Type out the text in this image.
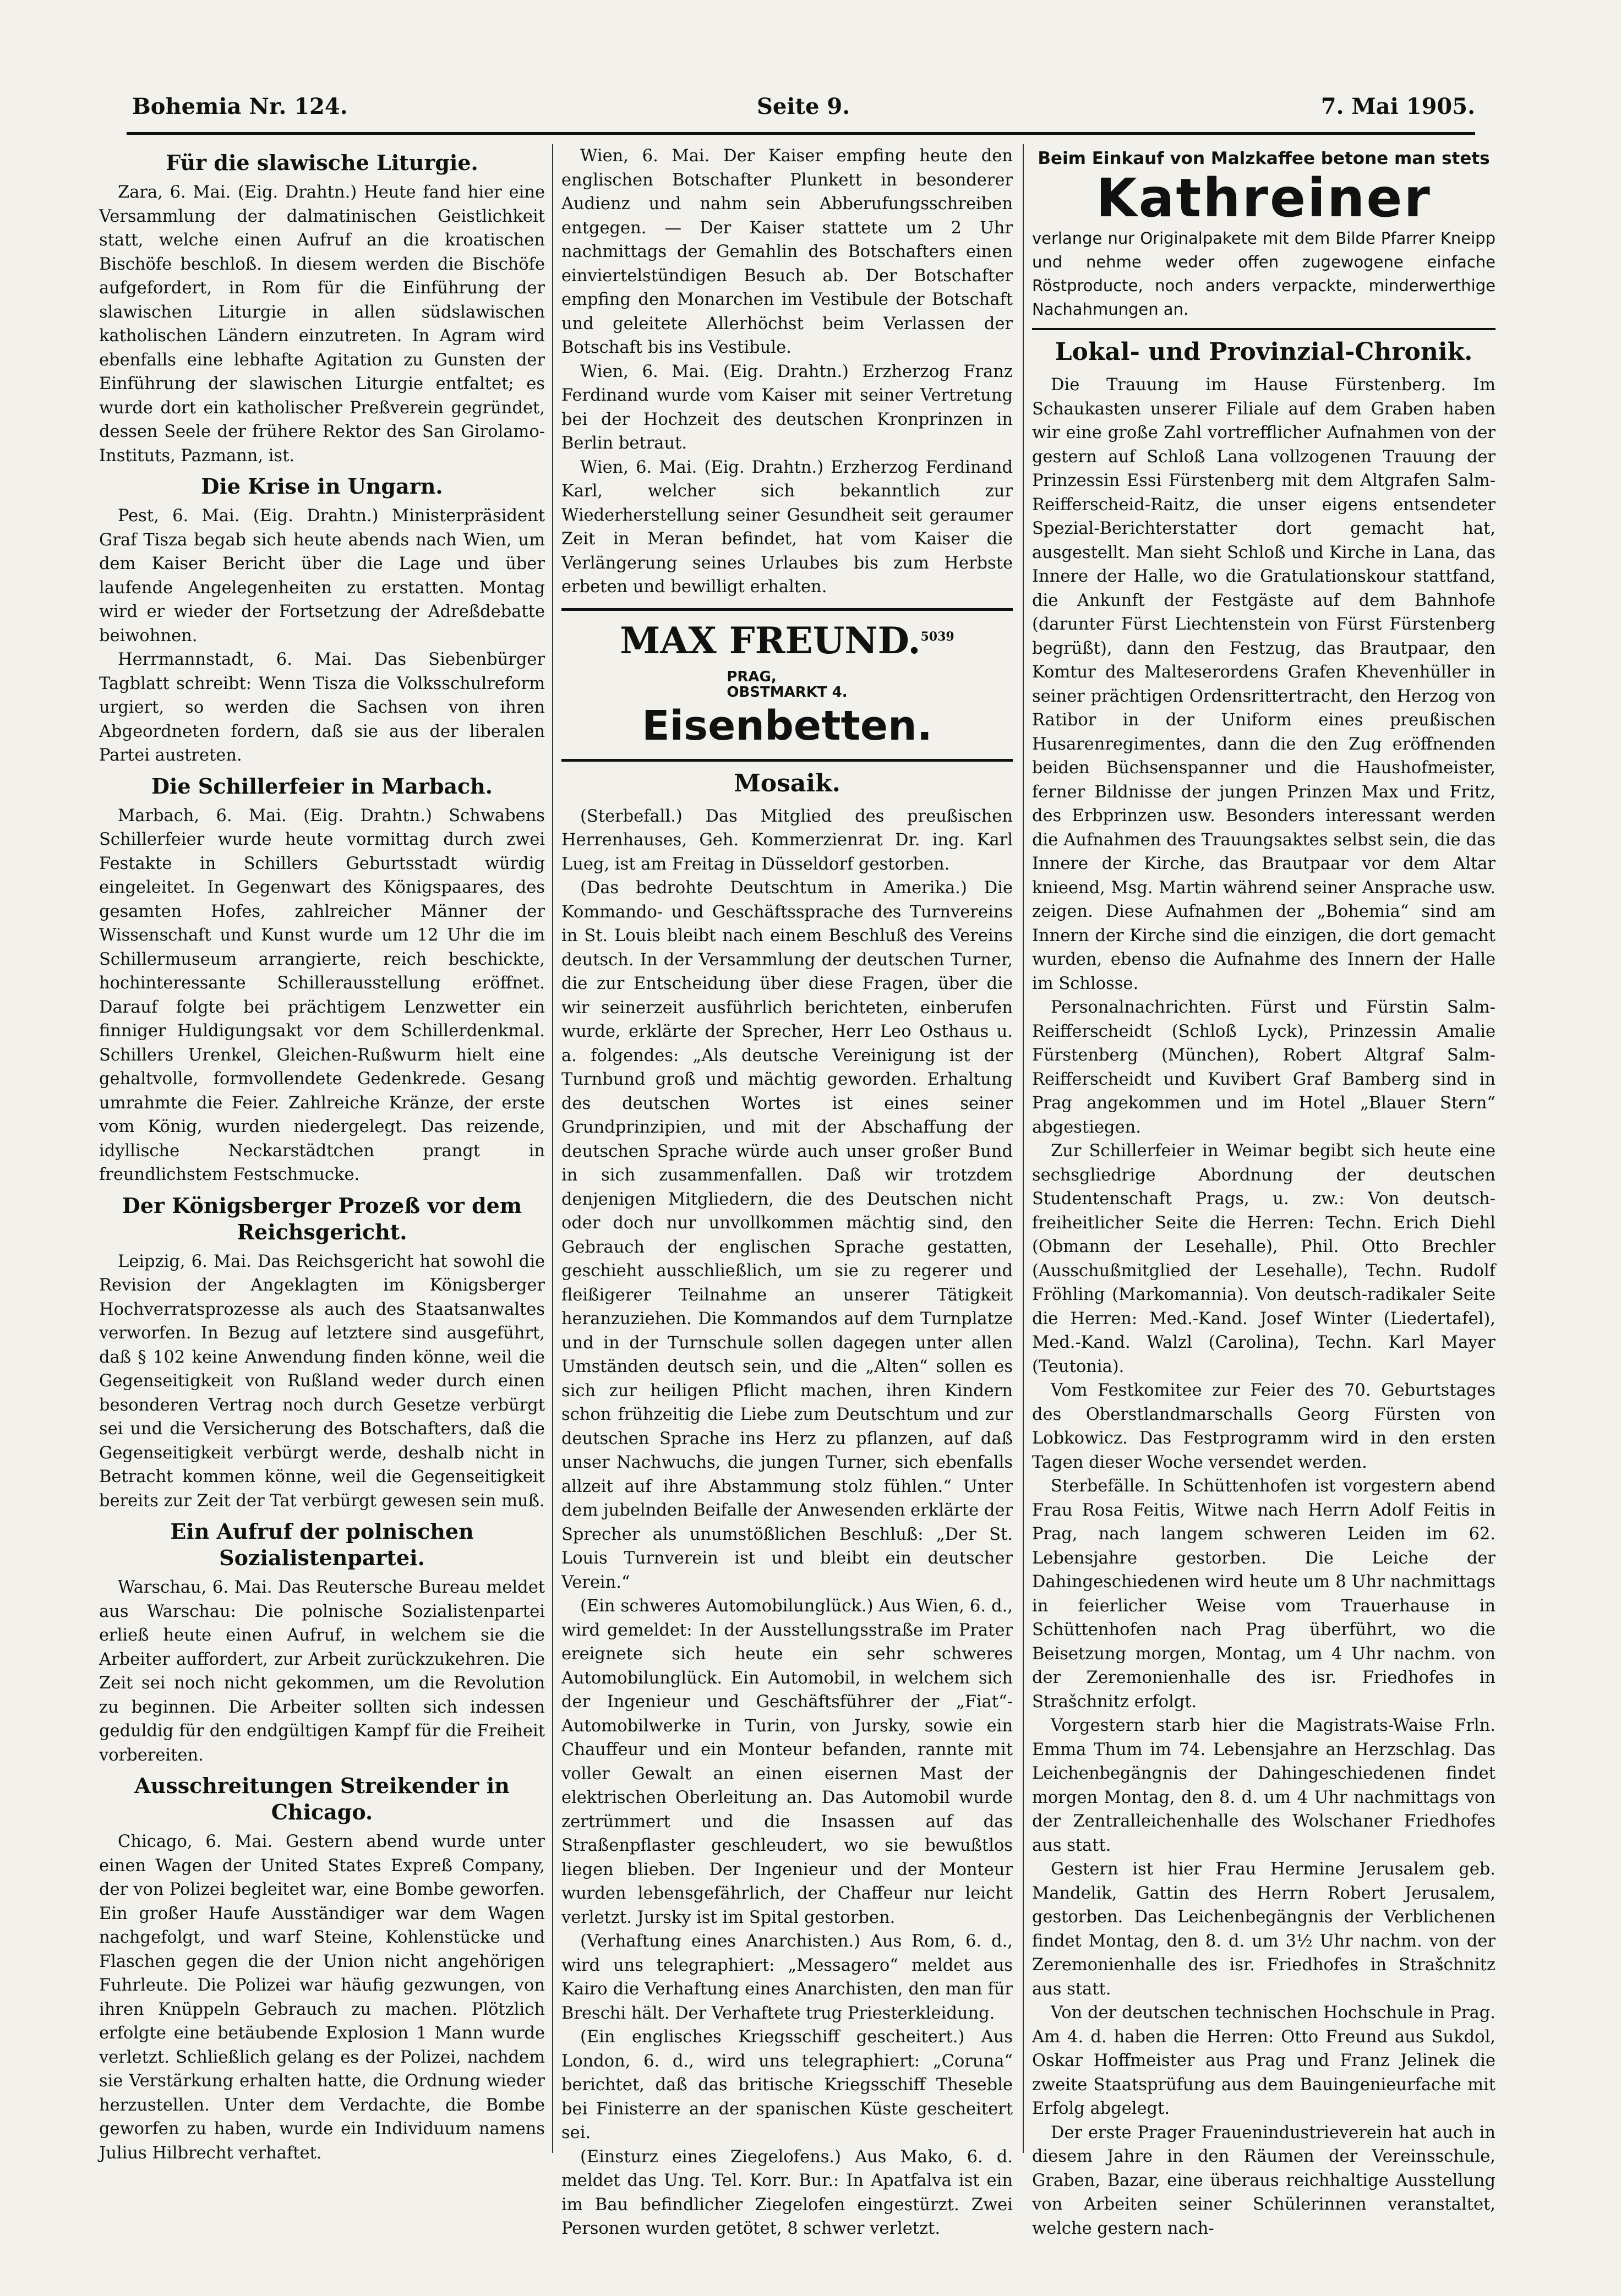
Bohemia Nr. 124.	Seite 9.	7. Mai 1905.
Für die slawische Liturgie.

Zara, 6. Mai. (Eig. Drahtn.) Heute fand hier eine Versammlung der dalmatinischen Geistlichkeit statt, welche einen Aufruf an die kroatischen Bischöfe beschloß. In diesem werden die Bischöfe aufgefordert, in Rom für die Einführung der slawischen Liturgie in allen südslawischen katholischen Ländern einzutreten. In Agram wird ebenfalls eine lebhafte Agitation zu Gunsten der Einführung der slawischen Liturgie entfaltet; es wurde dort ein katholischer Preßverein gegründet, dessen Seele der frühere Rektor des San Girolamo-Instituts, Pazmann, ist.

Die Krise in Ungarn.

Pest, 6. Mai. (Eig. Drahtn.) Ministerpräsident Graf Tisza begab sich heute abends nach Wien, um dem Kaiser Bericht über die Lage und über laufende Angelegenheiten zu erstatten. Montag wird er wieder der Fortsetzung der Adreßdebatte beiwohnen.

Herrmannstadt, 6. Mai. Das Siebenbürger Tagblatt schreibt: Wenn Tisza die Volksschulreform urgiert, so werden die Sachsen von ihren Abgeordneten fordern, daß sie aus der liberalen Partei austreten.

Die Schillerfeier in Marbach.

Marbach, 6. Mai. (Eig. Drahtn.) Schwabens Schillerfeier wurde heute vormittag durch zwei Festakte in Schillers Geburtsstadt würdig eingeleitet. In Gegenwart des Königspaares, des gesamten Hofes, zahlreicher Männer der Wissenschaft und Kunst wurde um 12 Uhr die im Schillermuseum arrangierte, reich beschickte, hochinteressante Schillerausstellung eröffnet. Darauf folgte bei prächtigem Lenzwetter ein finniger Huldigungsakt vor dem Schillerdenkmal. Schillers Urenkel, Gleichen-Rußwurm hielt eine gehaltvolle, formvollendete Gedenkrede. Gesang umrahmte die Feier. Zahlreiche Kränze, der erste vom König, wurden niedergelegt. Das reizende, idyllische Neckarstädtchen prangt in freundlichstem Festschmucke.

Der Königsberger Prozeß vor dem Reichsgericht.

Leipzig, 6. Mai. Das Reichsgericht hat sowohl die Revision der Angeklagten im Königsberger Hochverratsprozesse als auch des Staatsanwaltes verworfen. In Bezug auf letztere sind ausgeführt, daß § 102 keine Anwendung finden könne, weil die Gegenseitigkeit von Rußland weder durch einen besonderen Vertrag noch durch Gesetze verbürgt sei und die Versicherung des Botschafters, daß die Gegenseitigkeit verbürgt werde, deshalb nicht in Betracht kommen könne, weil die Gegenseitigkeit bereits zur Zeit der Tat verbürgt gewesen sein muß.

Ein Aufruf der polnischen Sozialistenpartei.

Warschau, 6. Mai. Das Reutersche Bureau meldet aus Warschau: Die polnische Sozialistenpartei erließ heute einen Aufruf, in welchem sie die Arbeiter auffordert, zur Arbeit zurückzukehren. Die Zeit sei noch nicht gekommen, um die Revolution zu beginnen. Die Arbeiter sollten sich indessen geduldig für den endgültigen Kampf für die Freiheit vorbereiten.

Ausschreitungen Streikender in Chicago.

Chicago, 6. Mai. Gestern abend wurde unter einen Wagen der United States Expreß Company, der von Polizei begleitet war, eine Bombe geworfen. Ein großer Haufe Ausständiger war dem Wagen nachgefolgt, und warf Steine, Kohlenstücke und Flaschen gegen die der Union nicht angehörigen Fuhrleute. Die Polizei war häufig gezwungen, von ihren Knüppeln Gebrauch zu machen. Plötzlich erfolgte eine betäubende Explosion 1 Mann wurde verletzt. Schließlich gelang es der Polizei, nachdem sie Verstärkung erhalten hatte, die Ordnung wieder herzustellen. Unter dem Verdachte, die Bombe geworfen zu haben, wurde ein Individuum namens Julius Hilbrecht verhaftet.

Wien, 6. Mai. Der Kaiser empfing heute den englischen Botschafter Plunkett in besonderer Audienz und nahm sein Abberufungsschreiben entgegen. — Der Kaiser stattete um 2 Uhr nachmittags der Gemahlin des Botschafters einen einviertelstündigen Besuch ab. Der Botschafter empfing den Monarchen im Vestibule der Botschaft und geleitete Allerhöchst beim Verlassen der Botschaft bis ins Vestibule.

Wien, 6. Mai. (Eig. Drahtn.) Erzherzog Franz Ferdinand wurde vom Kaiser mit seiner Vertretung bei der Hochzeit des deutschen Kronprinzen in Berlin betraut.

Wien, 6. Mai. (Eig. Drahtn.) Erzherzog Ferdinand Karl, welcher sich bekanntlich zur Wiederherstellung seiner Gesundheit seit geraumer Zeit in Meran befindet, hat vom Kaiser die Verlängerung seines Urlaubes bis zum Herbste erbeten und bewilligt erhalten.

MAX FREUND.$^{5039}$ PRAG,
OBSTMARKT 4.
Eisenbetten.
Mosaik.

(Sterbefall.) Das Mitglied des preußischen Herrenhauses, Geh. Kommerzienrat Dr. ing. Karl Lueg, ist am Freitag in Düsseldorf gestorben.

(Das bedrohte Deutschtum in Amerika.) Die Kommando- und Geschäftssprache des Turnvereins in St. Louis bleibt nach einem Beschluß des Vereins deutsch. In der Versammlung der deutschen Turner, die zur Entscheidung über diese Fragen, über die wir seinerzeit ausführlich berichteten, einberufen wurde, erklärte der Sprecher, Herr Leo Osthaus u. a. folgendes: „Als deutsche Vereinigung ist der Turnbund groß und mächtig geworden. Erhaltung des deutschen Wortes ist eines seiner Grundprinzipien, und mit der Abschaffung der deutschen Sprache würde auch unser großer Bund in sich zusammenfallen. Daß wir trotzdem denjenigen Mitgliedern, die des Deutschen nicht oder doch nur unvollkommen mächtig sind, den Gebrauch der englischen Sprache gestatten, geschieht ausschließlich, um sie zu regerer und fleißigerer Teilnahme an unserer Tätigkeit heranzuziehen. Die Kommandos auf dem Turnplatze und in der Turnschule sollen dagegen unter allen Umständen deutsch sein, und die „Alten“ sollen es sich zur heiligen Pflicht machen, ihren Kindern schon frühzeitig die Liebe zum Deutschtum und zur deutschen Sprache ins Herz zu pflanzen, auf daß unser Nachwuchs, die jungen Turner, sich ebenfalls allzeit auf ihre Abstammung stolz fühlen.“ Unter dem jubelnden Beifalle der Anwesenden erklärte der Sprecher als unumstößlichen Beschluß: „Der St. Louis Turnverein ist und bleibt ein deutscher Verein.“

(Ein schweres Automobilunglück.) Aus Wien, 6. d., wird gemeldet: In der Ausstellungsstraße im Prater ereignete sich heute ein sehr schweres Automobilunglück. Ein Automobil, in welchem sich der Ingenieur und Geschäftsführer der „Fiat“-Automobilwerke in Turin, von Jursky, sowie ein Chauffeur und ein Monteur befanden, rannte mit voller Gewalt an einen eisernen Mast der elektrischen Oberleitung an. Das Automobil wurde zertrümmert und die Insassen auf das Straßenpflaster geschleudert, wo sie bewußtlos liegen blieben. Der Ingenieur und der Monteur wurden lebensgefährlich, der Chaffeur nur leicht verletzt. Jursky ist im Spital gestorben.

(Verhaftung eines Anarchisten.) Aus Rom, 6. d., wird uns telegraphiert: „Messagero“ meldet aus Kairo die Verhaftung eines Anarchisten, den man für Breschi hält. Der Verhaftete trug Priesterkleidung.

(Ein englisches Kriegsschiff gescheitert.) Aus London, 6. d., wird uns telegraphiert: „Coruna“ berichtet, daß das britische Kriegsschiff Theseble bei Finisterre an der spanischen Küste gescheitert sei.

(Einsturz eines Ziegelofens.) Aus Mako, 6. d. meldet das Ung. Tel. Korr. Bur.: In Apatfalva ist ein im Bau befindlicher Ziegelofen eingestürzt. Zwei Personen wurden getötet, 8 schwer verletzt.

Beim Einkauf von Malzkaffee betone man stets
Kathreiner
verlange nur Originalpakete mit dem Bilde Pfarrer Kneipp und nehme weder offen zugewogene einfache Röstproducte, noch anders verpackte, minderwerthige Nachahmungen an.
Lokal- und Provinzial-Chronik.

Die Trauung im Hause Fürstenberg. Im Schaukasten unserer Filiale auf dem Graben haben wir eine große Zahl vortrefflicher Aufnahmen von der gestern auf Schloß Lana vollzogenen Trauung der Prinzessin Essi Fürstenberg mit dem Altgrafen Salm-Reifferscheid-Raitz, die unser eigens entsendeter Spezial-Berichterstatter dort gemacht hat, ausgestellt. Man sieht Schloß und Kirche in Lana, das Innere der Halle, wo die Gratulationskour stattfand, die Ankunft der Festgäste auf dem Bahnhofe (darunter Fürst Liechtenstein von Fürst Fürstenberg begrüßt), dann den Festzug, das Brautpaar, den Komtur des Malteserordens Grafen Khevenhüller in seiner prächtigen Ordensrittertracht, den Herzog von Ratibor in der Uniform eines preußischen Husarenregimentes, dann die den Zug eröffnenden beiden Büchsenspanner und die Haushofmeister, ferner Bildnisse der jungen Prinzen Max und Fritz, des Erbprinzen usw. Besonders interessant werden die Aufnahmen des Trauungsaktes selbst sein, die das Innere der Kirche, das Brautpaar vor dem Altar knieend, Msg. Martin während seiner Ansprache usw. zeigen. Diese Aufnahmen der „Bohemia“ sind am Innern der Kirche sind die einzigen, die dort gemacht wurden, ebenso die Aufnahme des Innern der Halle im Schlosse.

Personalnachrichten. Fürst und Fürstin Salm-Reifferscheidt (Schloß Lyck), Prinzessin Amalie Fürstenberg (München), Robert Altgraf Salm-Reifferscheidt und Kuvibert Graf Bamberg sind in Prag angekommen und im Hotel „Blauer Stern“ abgestiegen.

Zur Schillerfeier in Weimar begibt sich heute eine sechsgliedrige Abordnung der deutschen Studentenschaft Prags, u. zw.: Von deutsch-freiheitlicher Seite die Herren: Techn. Erich Diehl (Obmann der Lesehalle), Phil. Otto Brechler (Ausschußmitglied der Lesehalle), Techn. Rudolf Fröhling (Markomannia). Von deutsch-radikaler Seite die Herren: Med.-Kand. Josef Winter (Liedertafel), Med.-Kand. Walzl (Carolina), Techn. Karl Mayer (Teutonia).

Vom Festkomitee zur Feier des 70. Geburtstages des Oberstlandmarschalls Georg Fürsten von Lobkowicz. Das Festprogramm wird in den ersten Tagen dieser Woche versendet werden.

Sterbefälle. In Schüttenhofen ist vorgestern abend Frau Rosa Feitis, Witwe nach Herrn Adolf Feitis in Prag, nach langem schweren Leiden im 62. Lebensjahre gestorben. Die Leiche der Dahingeschiedenen wird heute um 8 Uhr nachmittags in feierlicher Weise vom Trauerhause in Schüttenhofen nach Prag überführt, wo die Beisetzung morgen, Montag, um 4 Uhr nachm. von der Zeremonienhalle des isr. Friedhofes in Strašchnitz erfolgt.

Vorgestern starb hier die Magistrats-Waise Frln. Emma Thum im 74. Lebensjahre an Herzschlag. Das Leichenbegängnis der Dahingeschiedenen findet morgen Montag, den 8. d. um 4 Uhr nachmittags von der Zentralleichenhalle des Wolschaner Friedhofes aus statt.

Gestern ist hier Frau Hermine Jerusalem geb. Mandelik, Gattin des Herrn Robert Jerusalem, gestorben. Das Leichenbegängnis der Verblichenen findet Montag, den 8. d. um 3½ Uhr nachm. von der Zeremonienhalle des isr. Friedhofes in Strašchnitz aus statt.

Von der deutschen technischen Hochschule in Prag. Am 4. d. haben die Herren: Otto Freund aus Sukdol, Oskar Hoffmeister aus Prag und Franz Jelinek die zweite Staatsprüfung aus dem Bauingenieurfache mit Erfolg abgelegt.

Der erste Prager Frauenindustrieverein hat auch in diesem Jahre in den Räumen der Vereinsschule, Graben, Bazar, eine überaus reichhaltige Ausstellung von Arbeiten seiner Schülerinnen veranstaltet, welche gestern nach-
